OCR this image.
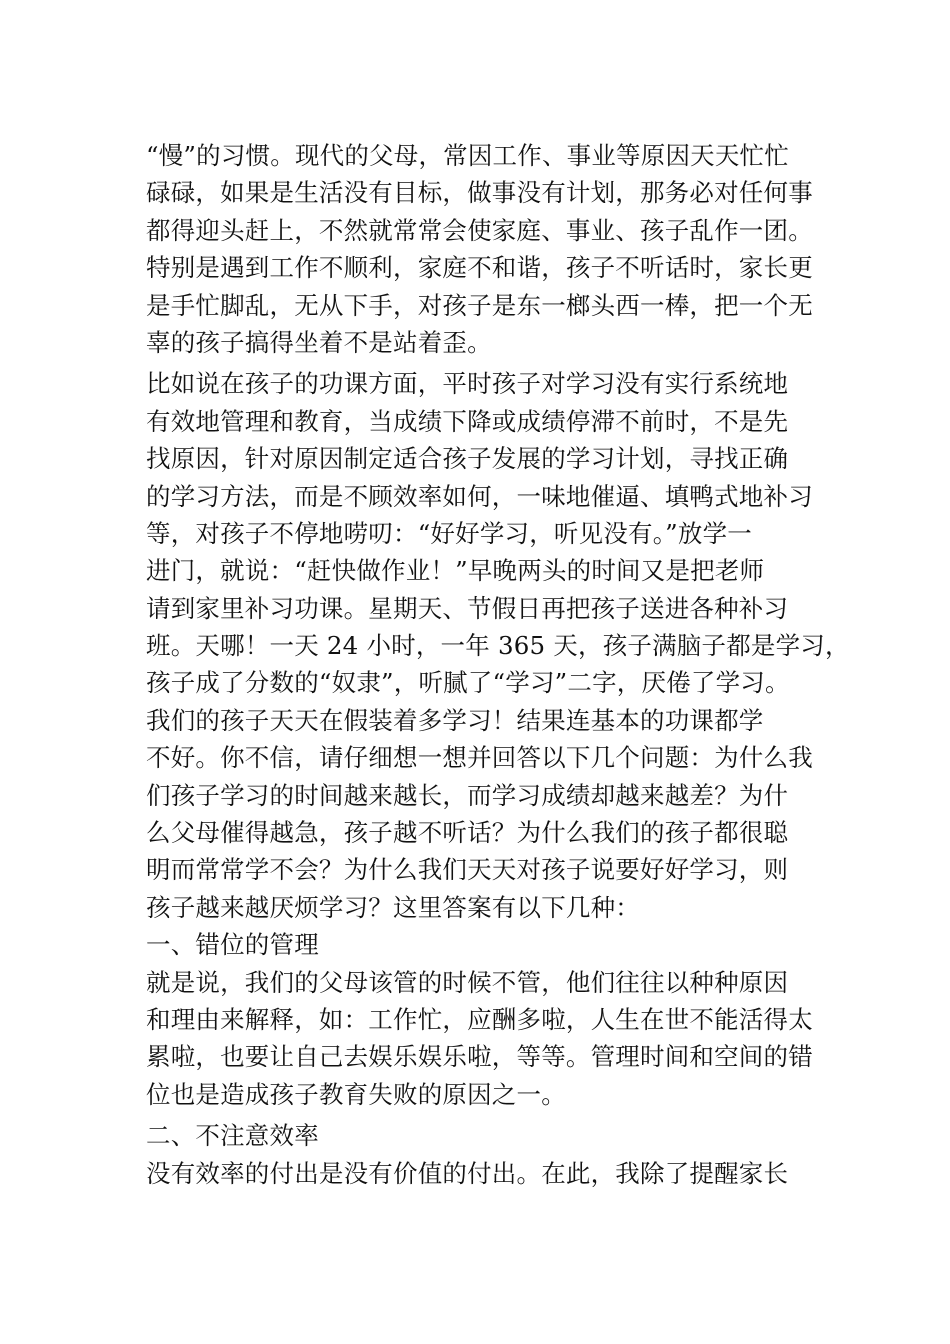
“慢”的习惯。现代的父母，常因工作、事业等原因天天忙忙
碌碌，如果是生活没有目标，做事没有计划，那务必对任何事
都得迎头赶上，不然就常常会使家庭、事业、孩子乱作一团。
特别是遇到工作不顺利，家庭不和谐，孩子不听话时，家长更
是手忙脚乱，无从下手，对孩子是东一榔头西一棒，把一个无
辜的孩子搞得坐着不是站着歪。
比如说在孩子的功课方面，平时孩子对学习没有实行系统地
有效地管理和教育，当成绩下降或成绩停滞不前时，不是先
找原因，针对原因制定适合孩子发展的学习计划，寻找正确
的学习方法，而是不顾效率如何，一味地催逼、填鸭式地补习
等，对孩子不停地唠叨：“好好学习，听见没有。”放学一
进门，就说：“赶快做作业！”早晚两头的时间又是把老师
请到家里补习功课。星期天、节假日再把孩子送进各种补习
班。天哪！一天 24 小时，一年 365 天，孩子满脑子都是学习，
孩子成了分数的“奴隶”，听腻了“学习”二字，厌倦了学习。
我们的孩子天天在假装着多学习！结果连基本的功课都学
不好。你不信，请仔细想一想并回答以下几个问题：为什么我
们孩子学习的时间越来越长，而学习成绩却越来越差？为什
么父母催得越急，孩子越不听话？为什么我们的孩子都很聪
明而常常学不会？为什么我们天天对孩子说要好好学习，则
孩子越来越厌烦学习？这里答案有以下几种：
一、错位的管理
就是说，我们的父母该管的时候不管，他们往往以种种原因
和理由来解释，如：工作忙，应酬多啦，人生在世不能活得太
累啦，也要让自己去娱乐娱乐啦，等等。管理时间和空间的错
位也是造成孩子教育失败的原因之一。
二、不注意效率
没有效率的付出是没有价值的付出。在此，我除了提醒家长
